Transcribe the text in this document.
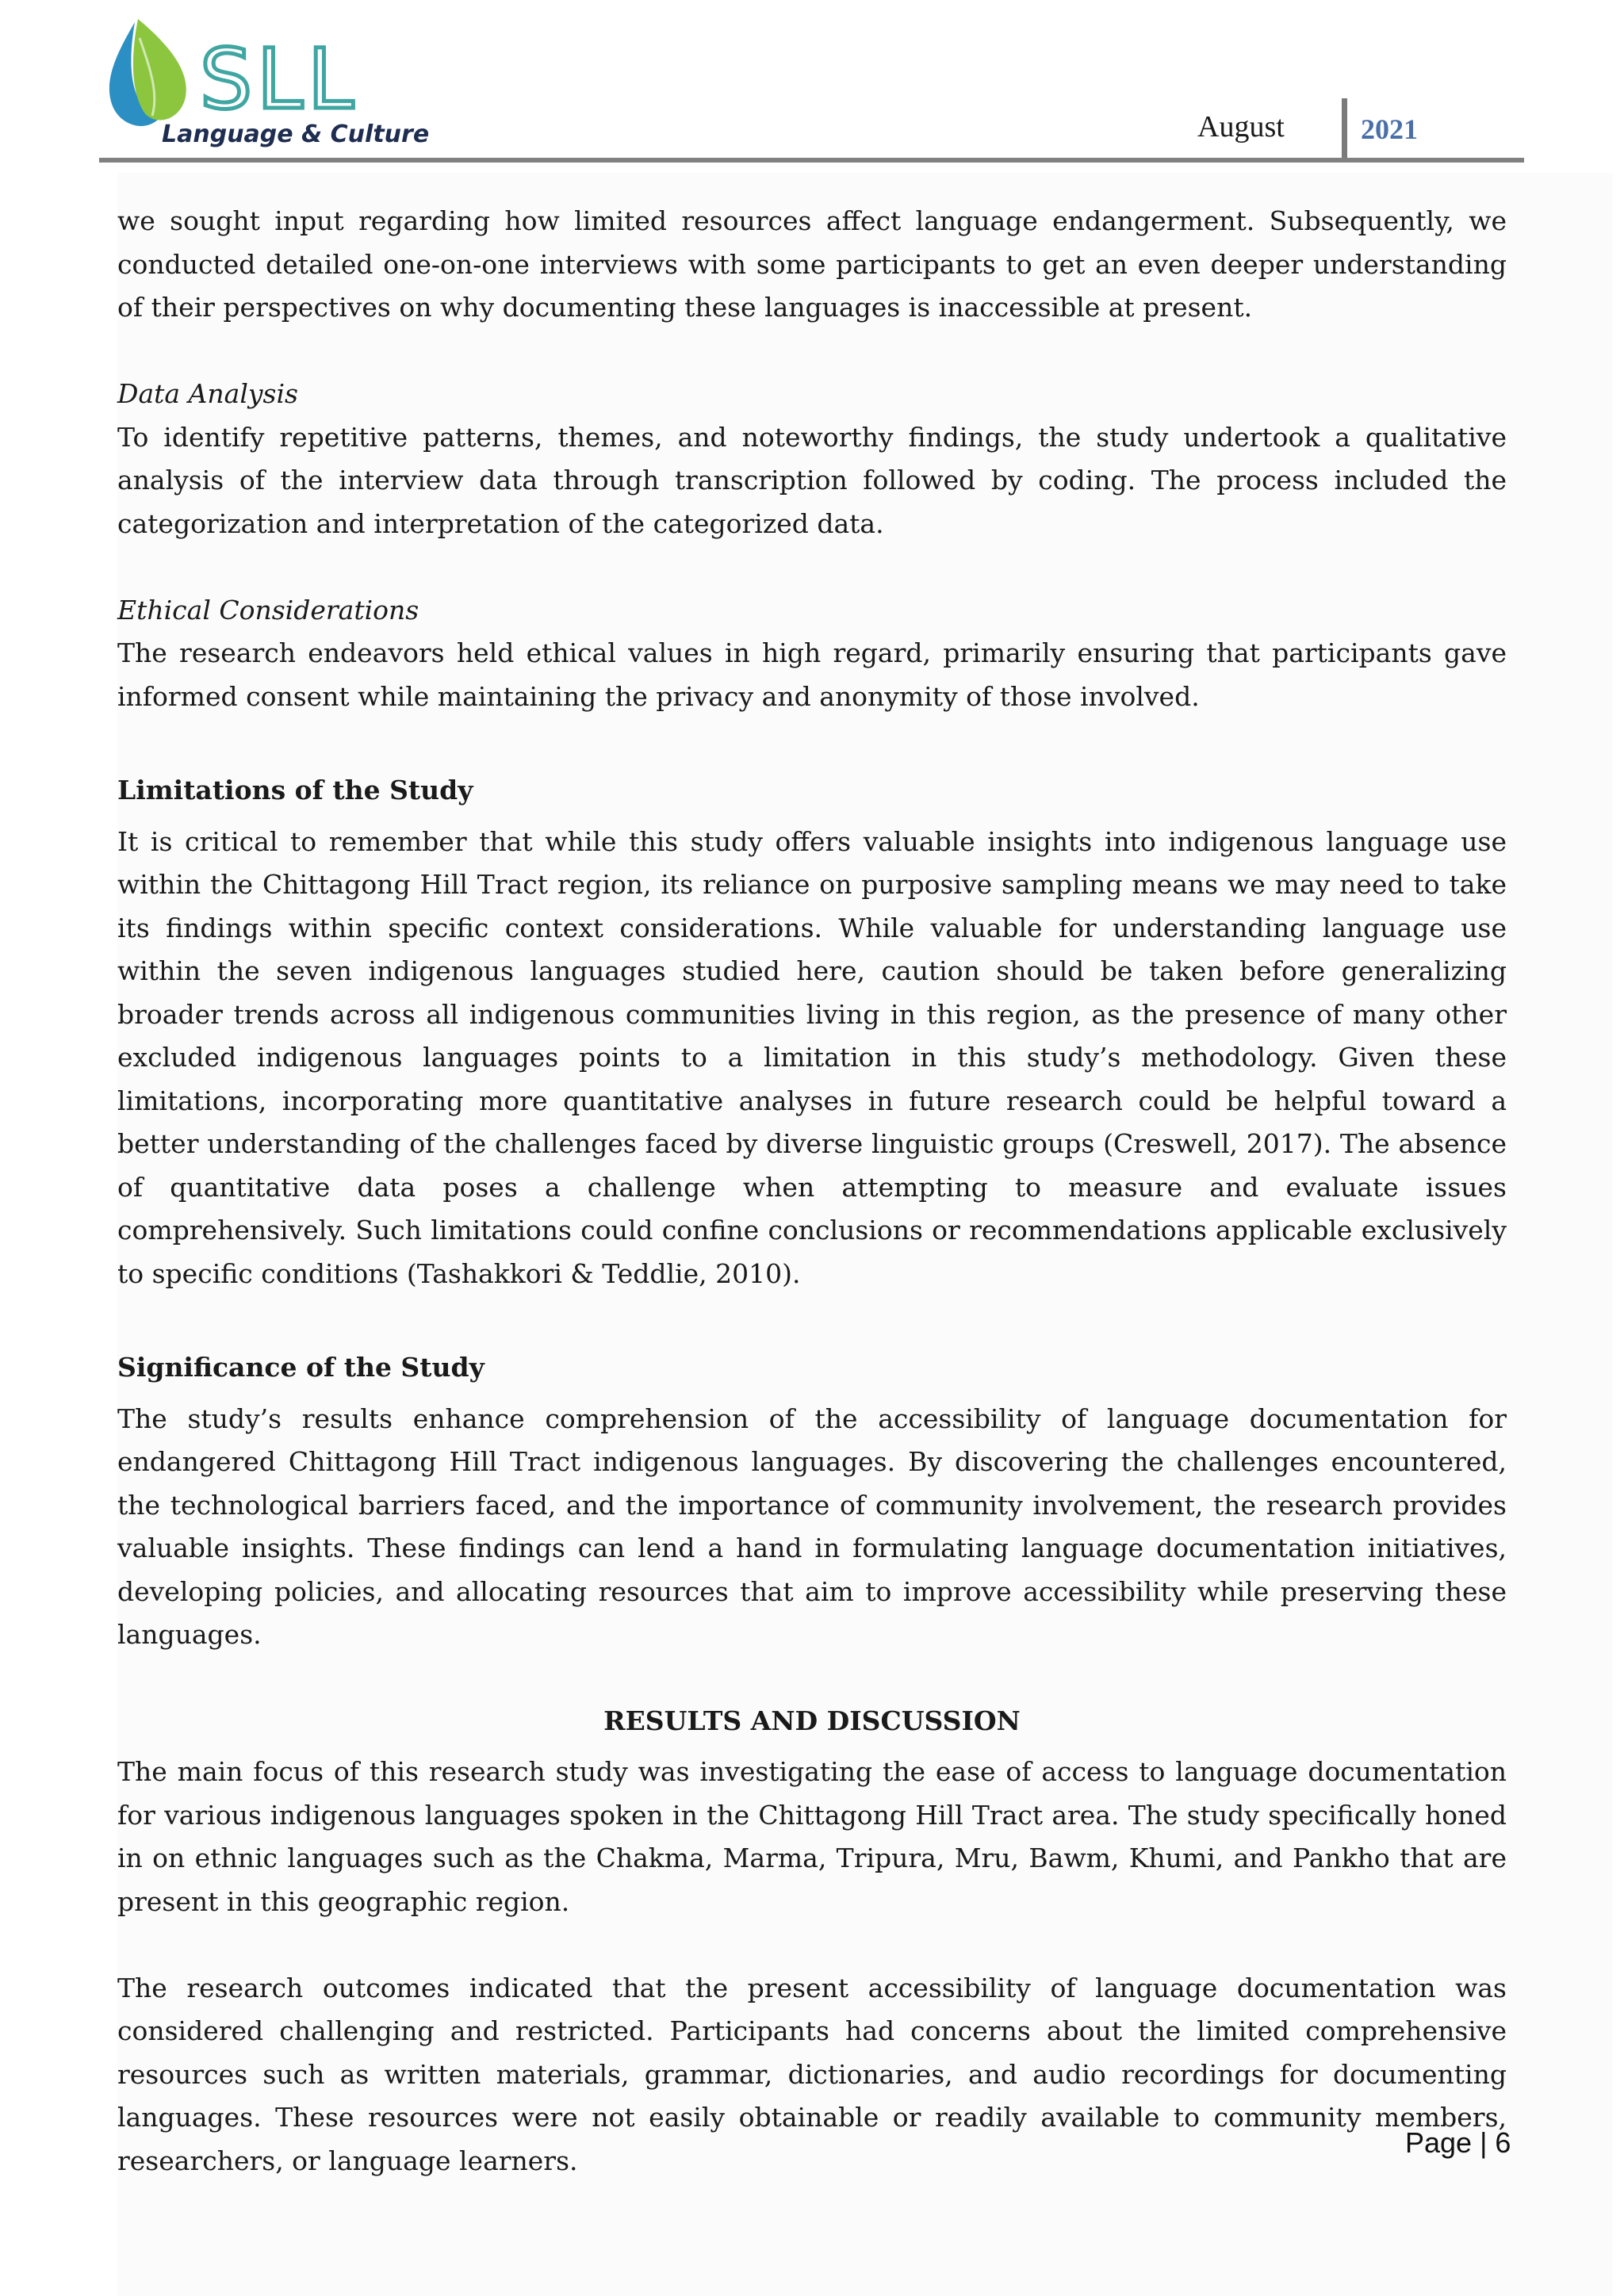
SLL
Language & Culture	August	2021

we sought input regarding how limited resources affect language endangerment. Subsequently, we conducted detailed one-on-one interviews with some participants to get an even deeper understanding of their perspectives on why documenting these languages is inaccessible at present.

Data Analysis

To identify repetitive patterns, themes, and noteworthy findings, the study undertook a qualitative analysis of the interview data through transcription followed by coding. The process included the categorization and interpretation of the categorized data.

Ethical Considerations

The research endeavors held ethical values in high regard, primarily ensuring that participants gave informed consent while maintaining the privacy and anonymity of those involved.

Limitations of the Study

It is critical to remember that while this study offers valuable insights into indigenous language use within the Chittagong Hill Tract region, its reliance on purposive sampling means we may need to take its findings within specific context considerations. While valuable for understanding language use within the seven indigenous languages studied here, caution should be taken before generalizing broader trends across all indigenous communities living in this region, as the presence of many other excluded indigenous languages points to a limitation in this study’s methodology. Given these limitations, incorporating more quantitative analyses in future research could be helpful toward a better understanding of the challenges faced by diverse linguistic groups (Creswell, 2017). The absence of quantitative data poses a challenge when attempting to measure and evaluate issues comprehensively. Such limitations could confine conclusions or recommendations applicable exclusively to specific conditions (Tashakkori & Teddlie, 2010).

Significance of the Study

The study’s results enhance comprehension of the accessibility of language documentation for endangered Chittagong Hill Tract indigenous languages. By discovering the challenges encountered, the technological barriers faced, and the importance of community involvement, the research provides valuable insights. These findings can lend a hand in formulating language documentation initiatives, developing policies, and allocating resources that aim to improve accessibility while preserving these languages.

RESULTS AND DISCUSSION

The main focus of this research study was investigating the ease of access to language documentation for various indigenous languages spoken in the Chittagong Hill Tract area. The study specifically honed in on ethnic languages such as the Chakma, Marma, Tripura, Mru, Bawm, Khumi, and Pankho that are present in this geographic region.

The research outcomes indicated that the present accessibility of language documentation was considered challenging and restricted. Participants had concerns about the limited comprehensive resources such as written materials, grammar, dictionaries, and audio recordings for documenting languages. These resources were not easily obtainable or readily available to community members, researchers, or language learners.

Page | 6
